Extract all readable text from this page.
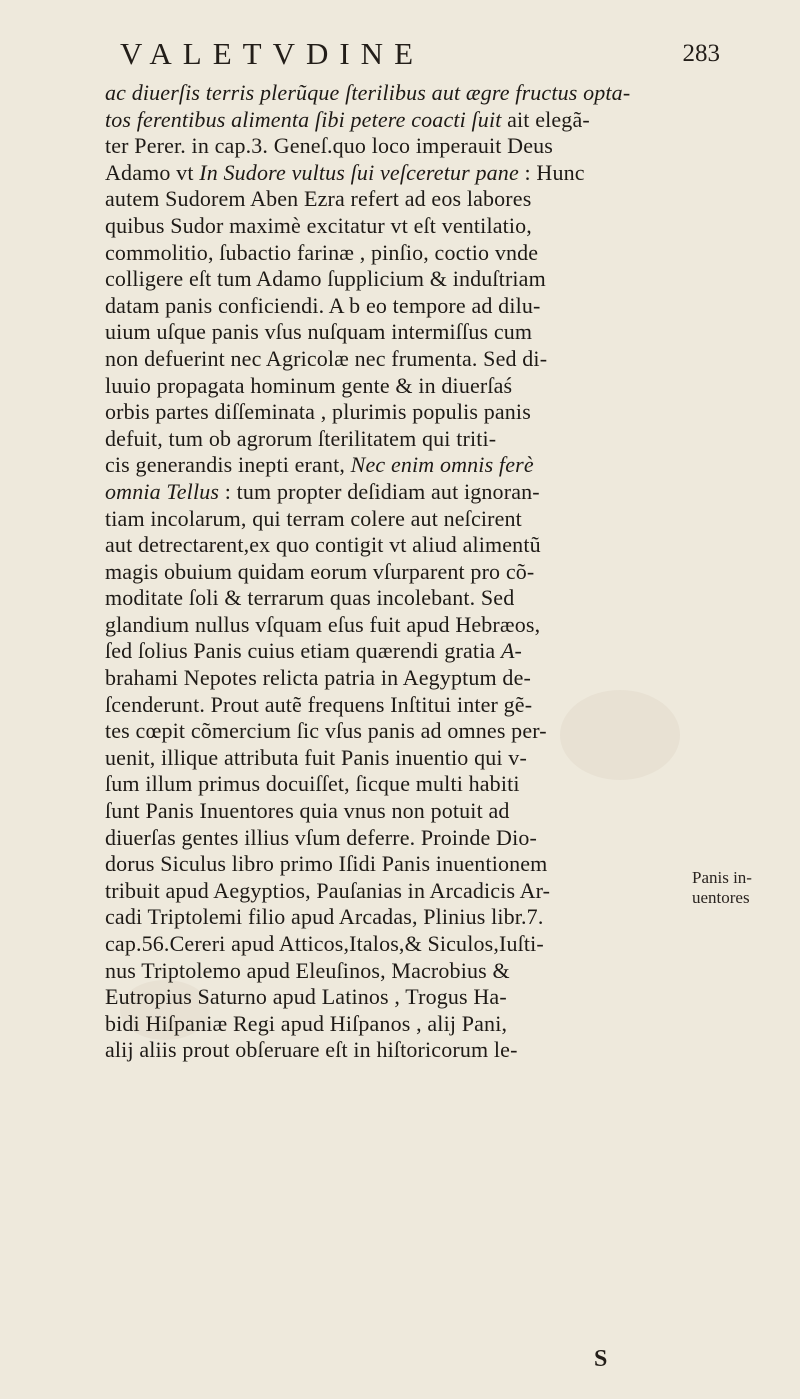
VALETVDINE	283
ac diuerſis terris plerũque ſterilibus aut ægre fructus opta-
tos ferentibus alimenta ſibi petere coacti ſuit ait elegã-
ter Perer. in cap.3. Geneſ.quo loco imperauit Deus
Adamo vt In Sudore vultus ſui veſceretur pane : Hunc
autem Sudorem Aben Ezra refert ad eos labores
quibus Sudor maximè excitatur vt eſt ventilatio,
commolitio, ſubactio farinæ , pinſio, coctio vnde
colligere eſt tum Adamo ſupplicium & induſtriam
datam panis conficiendi. A b eo tempore ad dilu-
uium uſque panis vſus nuſquam intermiſſus cum
non defuerint nec Agricolæ nec frumenta. Sed di-
luuio propagata hominum gente & in diuerſaś
orbis partes diſſeminata , plurimis populis panis
defuit, tum ob agrorum ſterilitatem qui triti-
cis generandis inepti erant, Nec enim omnis ferè
omnia Tellus : tum propter deſidiam aut ignoran-
tiam incolarum, qui terram colere aut neſcirent
aut detrectarent,ex quo contigit vt aliud alimentũ
magis obuium quidam eorum vſurparent pro cõ-
moditate ſoli & terrarum quas incolebant. Sed
glandium nullus vſquam eſus fuit apud Hebræos,
ſed ſolius Panis cuius etiam quærendi gratia A-
brahami Nepotes relicta patria in Aegyptum de-
ſcenderunt. Prout autẽ frequens Inſtitui inter gẽ-
tes cœpit cõmercium ſic vſus panis ad omnes per-
uenit, illique attributa fuit Panis inuentio qui v-
ſum illum primus docuiſſet, ſicque multi habiti
ſunt Panis Inuentores quia vnus non potuit ad
diuerſas gentes illius vſum deferre. Proinde Dio-
dorus Siculus libro primo Iſidi Panis inuentionem
tribuit apud Aegyptios, Pauſanias in Arcadicis Ar-
cadi Triptolemi filio apud Arcadas, Plinius libr.7.
cap.56.Cereri apud Atticos,Italos,& Siculos,Iuſti-
nus Triptolemo apud Eleuſinos, Macrobius &
Eutropius Saturno apud Latinos , Trogus Ha-
bidi Hiſpaniæ Regi apud Hiſpanos , alij Pani,
alij aliis prout obſeruare eſt in hiſtoricorum le-
Panis in-
uentores
S
